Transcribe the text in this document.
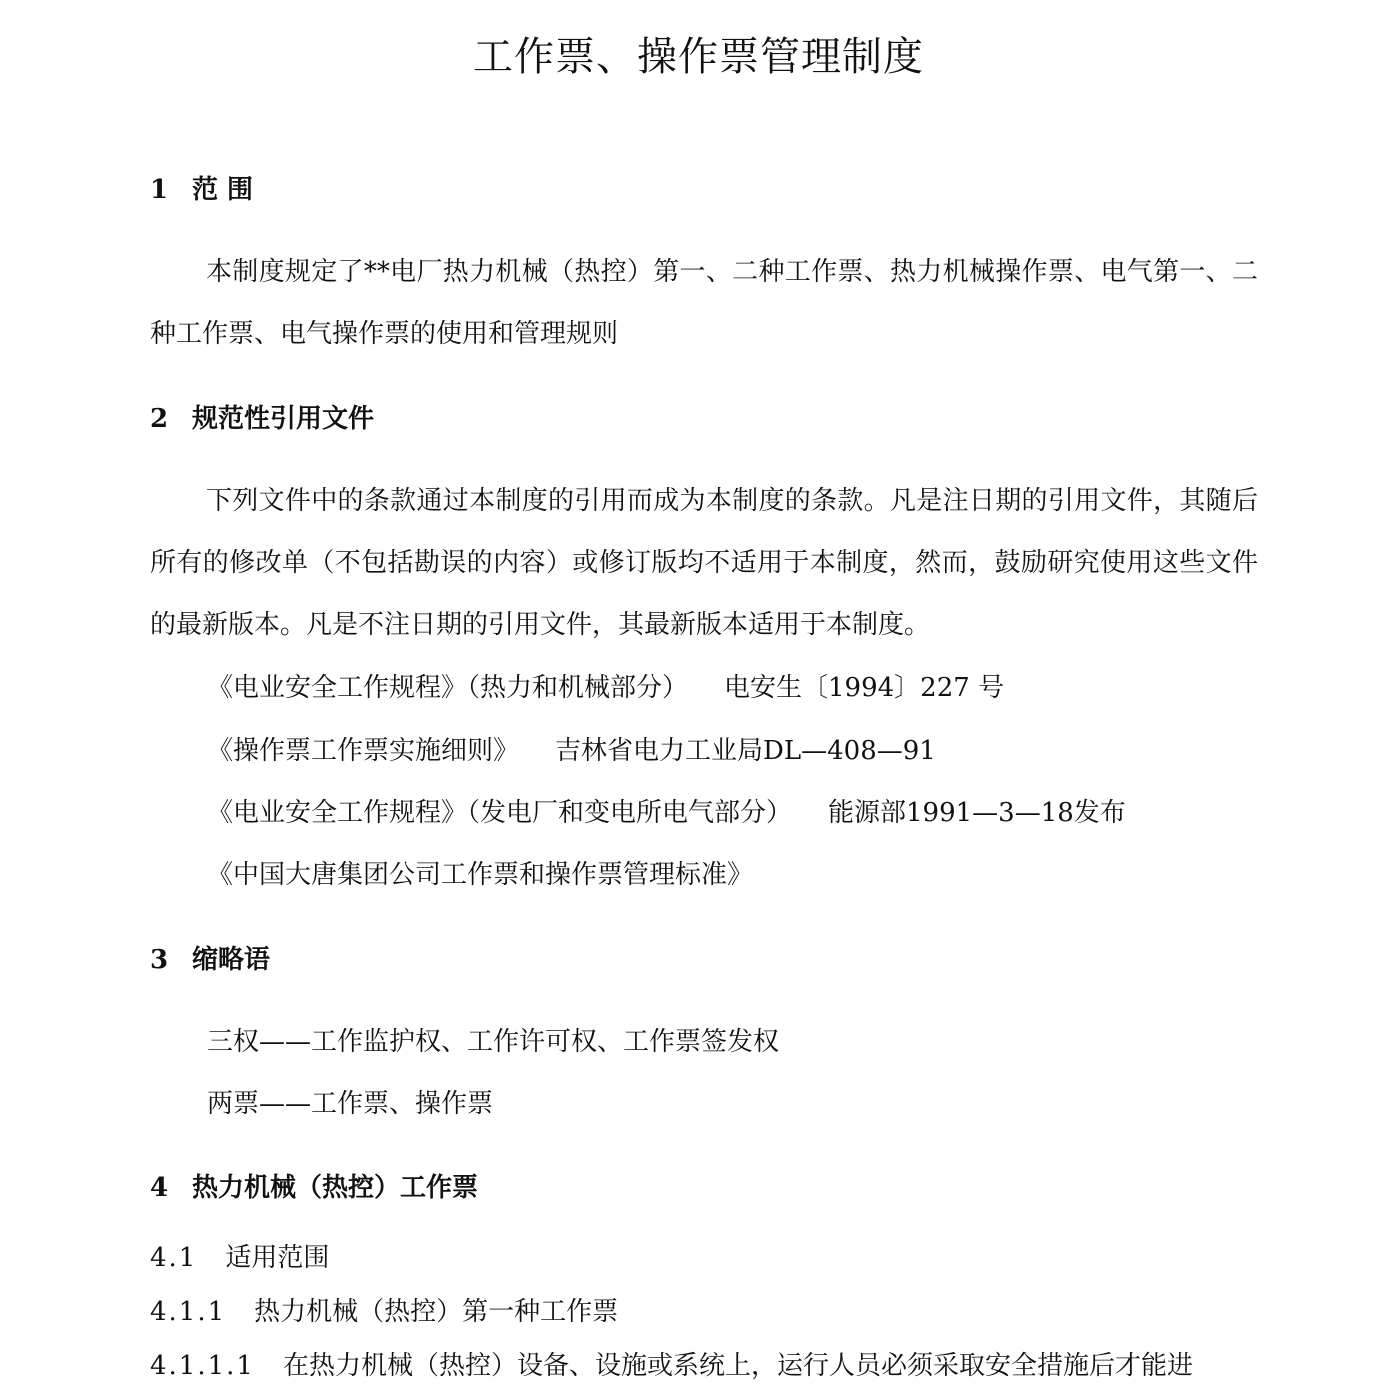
工作票、操作票管理制度
1 范 围
本制度规定了**电厂热力机械（热控）第一、二种工作票、热力机械操作票、电气第一、二种工作票、电气操作票的使用和管理规则
2 规范性引用文件
下列文件中的条款通过本制度的引用而成为本制度的条款。凡是注日期的引用文件，其随后所有的修改单（不包括勘误的内容）或修订版均不适用于本制度，然而，鼓励研究使用这些文件的最新版本。凡是不注日期的引用文件，其最新版本适用于本制度。
《电业安全工作规程》（热力和机械部分） 电安生〔1994〕227 号
《操作票工作票实施细则》 吉林省电力工业局DL—408—91
《电业安全工作规程》（发电厂和变电所电气部分） 能源部1991—3—18发布
《中国大唐集团公司工作票和操作票管理标准》
3 缩略语
三权——工作监护权、工作许可权、工作票签发权
两票——工作票、操作票
4 热力机械（热控）工作票
4.1 适用范围
4.1.1 热力机械（热控）第一种工作票
4.1.1.1 在热力机械（热控）设备、设施或系统上，运行人员必须采取安全措施后才能进
